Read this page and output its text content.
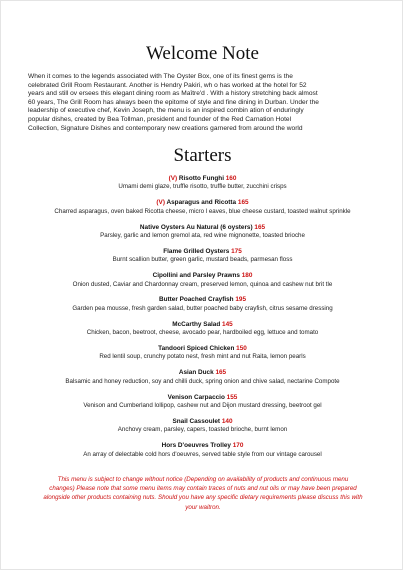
Welcome Note
When it comes to the legends associated with The Oyster Box, one of its finest gems is the
celebrated Grill Room Restaurant. Another is Hendry Pakiri, wh o has worked at the hotel for 52
years and still ov ersees this elegant dining room as Maître'd . With a history stretching back almost
60 years, The Grill Room has always been the epitome of style and fine dining in Durban. Under the
leadership of executive chef, Kevin Joseph, the menu is an inspired combin ation of enduringly
popular dishes, created by Bea Tollman, president and founder of the Red Carnation Hotel
Collection, Signature Dishes and contemporary new creations garnered from around the world
Starters
(V) Risotto Funghi 160
Umami demi glaze, truffle risotto, truffle butter, zucchini crisps
(V) Asparagus and Ricotta 165
Charred asparagus, oven baked Ricotta cheese, micro l eaves, blue cheese custard, toasted walnut sprinkle
Native Oysters Au Natural (6 oysters) 165
Parsley, garlic and lemon gremol ata, red wine mignonette, toasted brioche
Flame Grilled Oysters 175
Burnt scallion butter, green garlic, mustard beads, parmesan floss
Cipollini and Parsley Prawns 180
Onion dusted, Caviar and Chardonnay cream, preserved lemon, quinoa and cashew nut brit tle
Butter Poached Crayfish 195
Garden pea mousse, fresh garden salad, butter poached baby crayfish, citrus sesame dressing
McCarthy Salad 145
Chicken, bacon, beetroot, cheese, avocado pear, hardboiled egg, lettuce and tomato
Tandoori Spiced Chicken 150
Red lentil soup, crunchy potato nest, fresh mint and nut Raita, lemon pearls
Asian Duck 165
Balsamic and honey reduction, soy and chilli duck, spring onion and chive salad, nectarine Compote
Venison Carpaccio 155
Venison and Cumberland lollipop, cashew nut and Dijon mustard dressing, beetroot gel
Snail Cassoulet 140
Anchovy cream, parsley, capers, toasted brioche, burnt lemon
Hors D'oeuvres Trolley 170
An array of delectable cold hors d'oeuvres, served table style from our vintage carousel
This menu is subject to change without notice (Depending on availability of products and continuous menu
changes) Please note that some menu items may contain traces of nuts and nut oils or may have been prepared
alongside other products containing nuts. Should you have any specific dietary requirements please discuss this with
your waitron.
